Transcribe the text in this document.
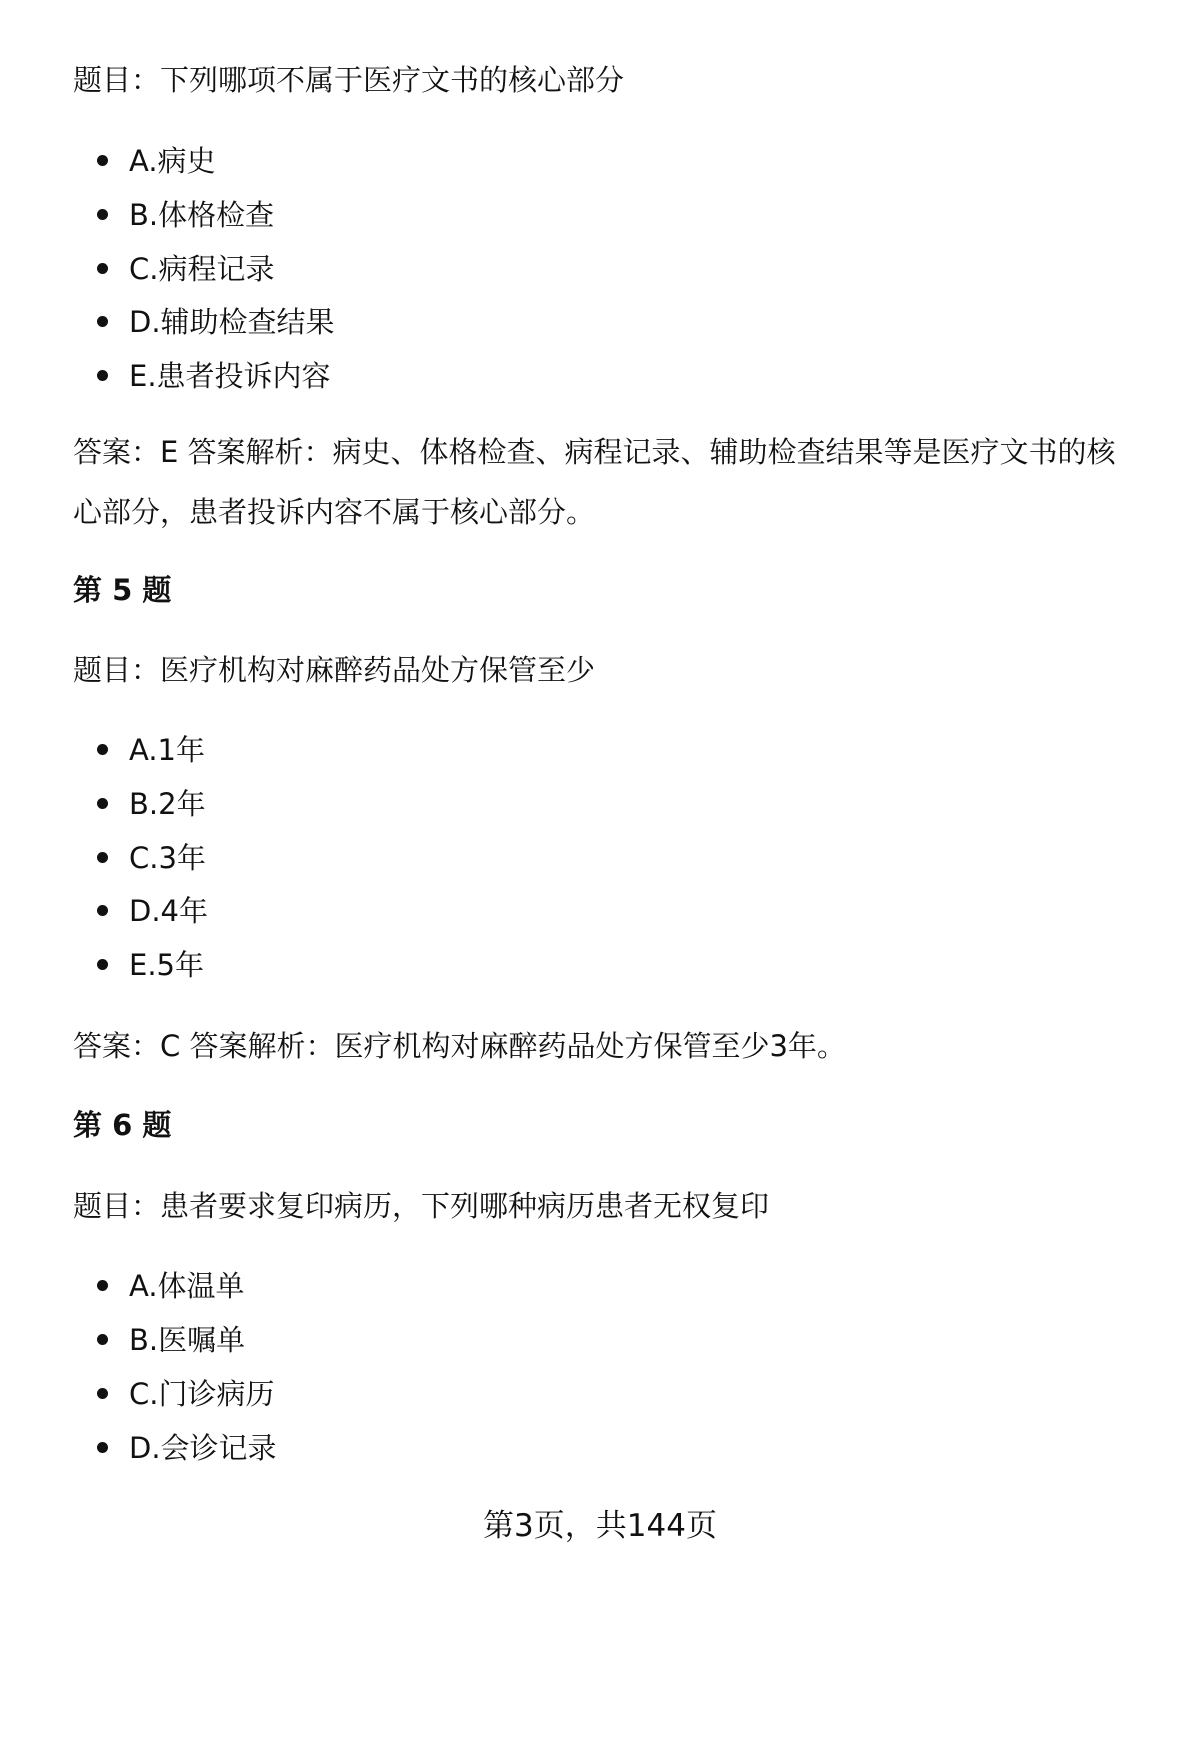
题目：下列哪项不属于医疗文书的核心部分
A.病史
B.体格检查
C.病程记录
D.辅助检查结果
E.患者投诉内容
答案：E 答案解析：病史、体格检查、病程记录、辅助检查结果等是医疗文书的核心部分，患者投诉内容不属于核心部分。
第 5 题
题目：医疗机构对麻醉药品处方保管至少
A.1年
B.2年
C.3年
D.4年
E.5年
答案：C 答案解析：医疗机构对麻醉药品处方保管至少3年。
第 6 题
题目：患者要求复印病历，下列哪种病历患者无权复印
A.体温单
B.医嘱单
C.门诊病历
D.会诊记录
第3页，共144页
